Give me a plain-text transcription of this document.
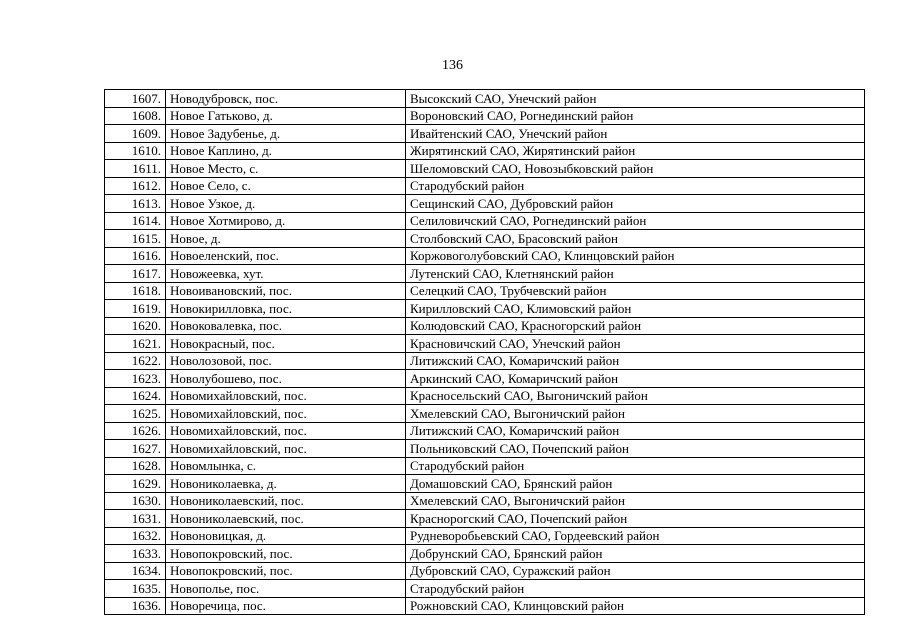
136
1607.	Новодубровск, пос.	Высокский САО, Унечский район
1608.	Новое Гатьково, д.	Вороновский САО, Рогнединский район
1609.	Новое Задубенье, д.	Ивайтенский САО, Унечский район
1610.	Новое Каплино, д.	Жирятинский САО, Жирятинский район
1611.	Новое Место, с.	Шеломовский САО, Новозыбковский район
1612.	Новое Село, с.	Стародубский район
1613.	Новое Узкое, д.	Сещинский САО, Дубровский район
1614.	Новое Хотмирово, д.	Селиловичский САО, Рогнединский район
1615.	Новое, д.	Столбовский САО, Брасовский район
1616.	Новоеленский, пос.	Коржовоголубовский САО, Клинцовский район
1617.	Новожеевка, хут.	Лутенский САО, Клетнянский район
1618.	Новоивановский, пос.	Селецкий САО, Трубчевский район
1619.	Новокирилловка, пос.	Кирилловский САО, Климовский район
1620.	Новоковалевка, пос.	Колюдовский САО, Красногорский район
1621.	Новокрасный, пос.	Красновичский САО, Унечский район
1622.	Новолозовой, пос.	Литижский САО, Комаричский район
1623.	Новолубошево, пос.	Аркинский САО, Комаричский район
1624.	Новомихайловский, пос.	Красносельский САО, Выгоничский район
1625.	Новомихайловский, пос.	Хмелевский САО, Выгоничский район
1626.	Новомихайловский, пос.	Литижский САО, Комаричский район
1627.	Новомихайловский, пос.	Польниковский САО, Почепский район
1628.	Новомлынка, с.	Стародубский район
1629.	Новониколаевка, д.	Домашовский САО, Брянский район
1630.	Новониколаевский, пос.	Хмелевский САО, Выгоничский район
1631.	Новониколаевский, пос.	Краснорогский САО, Почепский район
1632.	Новоновицкая, д.	Рудневоробьевский САО, Гордеевский район
1633.	Новопокровский, пос.	Добрунский САО, Брянский район
1634.	Новопокровский, пос.	Дубровский САО, Суражский район
1635.	Новополье, пос.	Стародубский район
1636.	Новоречица, пос.	Рожновский САО, Клинцовский район
